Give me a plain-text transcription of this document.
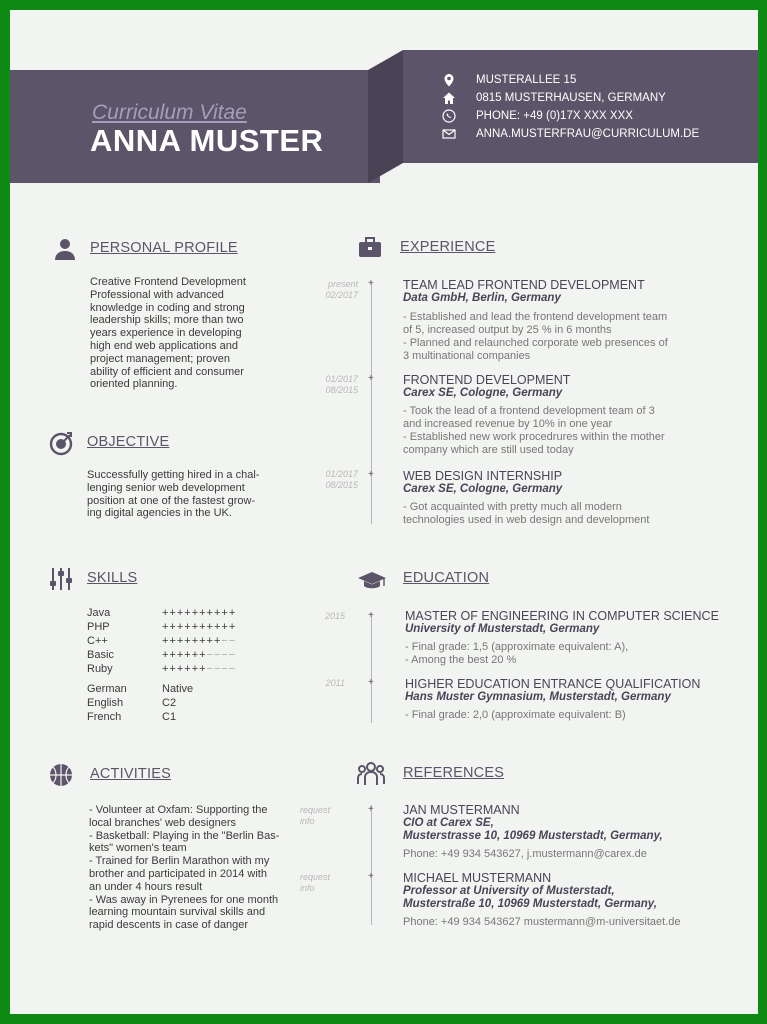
Curriculum Vitae
ANNA MUSTER
MUSTERALLEE 15
0815 MUSTERHAUSEN, GERMANY
PHONE: +49 (0)17X XXX XXX
ANNA.MUSTERFRAU@CURRICULUM.DE
PERSONAL PROFILE
Creative Frontend Development
Professional with advanced
knowledge in coding and strong
leadership skills; more than two
years experience in developing
high end web applications and
project management; proven
ability of efficient and consumer
oriented planning.
OBJECTIVE
Successfully getting hired in a chal-
lenging senior web development
position at one of the fastest grow-
ing digital agencies in the UK.
SKILLS
Java	++++++++++
PHP	++++++++++
C++	++++++++−−
Basic	++++++−−−−
Ruby	++++++−−−−
German	Native
English	C2
French	C1
ACTIVITIES
- Volunteer at Oxfam: Supporting the
local branches' web designers
- Basketball: Playing in the "Berlin Bas-
kets" women's team
- Trained for Berlin Marathon with my
brother and participated in 2014 with
an under 4 hours result
- Was away in Pyrenees for one month
learning mountain survival skills and
rapid descents in case of danger
EXPERIENCE
present
02/2017
+ TEAM LEAD FRONTEND DEVELOPMENT
Data GmbH, Berlin, Germany
- Established and lead the frontend development team
of 5, increased output by 25 % in 6 months
- Planned and relaunched corporate web presences of
3 multinational companies
01/2017
08/2015
+ FRONTEND DEVELOPMENT
Carex SE, Cologne, Germany
- Took the lead of a frontend development team of 3
and increased revenue by 10% in one year
- Established new work procedrures within the mother
company which are still used today
01/2017
08/2015
+ WEB DESIGN INTERNSHIP
Carex SE, Cologne, Germany
- Got acquainted with pretty much all modern
technologies used in web design and development
EDUCATION
2015 + MASTER OF ENGINEERING IN COMPUTER SCIENCE
University of Musterstadt, Germany
- Final grade: 1,5 (approximate equivalent: A),
- Among the best 20 %
2011 + HIGHER EDUCATION ENTRANCE QUALIFICATION
Hans Muster Gymnasium, Musterstadt, Germany
- Final grade: 2,0 (approximate equivalent: B)
REFERENCES
request
info
+ JAN MUSTERMANN
CIO at Carex SE,
Musterstrasse 10, 10969 Musterstadt, Germany,
Phone: +49 934 543627, j.mustermann@carex.de
request
info
+ MICHAEL MUSTERMANN
Professor at University of Musterstadt,
Musterstraße 10, 10969 Musterstadt, Germany,
Phone: +49 934 543627 mustermann@m-universitaet.de
